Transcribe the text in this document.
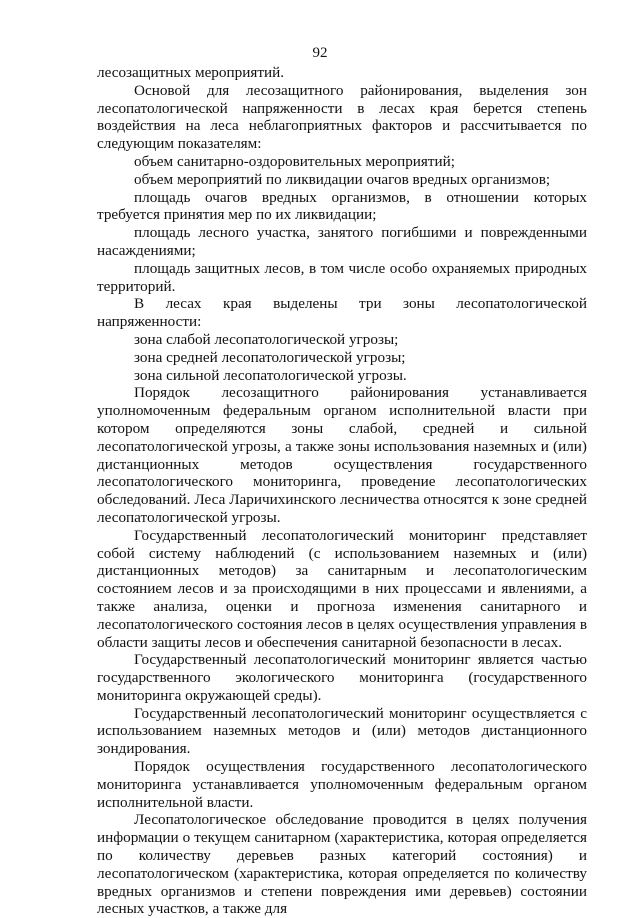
92

лесозащитных мероприятий.

Основой для лесозащитного районирования, выделения зон лесопатологической напряженности в лесах края берется степень воздействия на леса неблагоприятных факторов и рассчитывается по следующим показателям:

объем санитарно-оздоровительных мероприятий;

объем мероприятий по ликвидации очагов вредных организмов;

площадь очагов вредных организмов, в отношении которых требуется принятия мер по их ликвидации;

площадь лесного участка, занятого погибшими и поврежденными насаждениями;

площадь защитных лесов, в том числе особо охраняемых природных территорий.

В лесах края выделены три зоны лесопатологической напряженности:

зона слабой лесопатологической угрозы;

зона средней лесопатологической угрозы;

зона сильной лесопатологической угрозы.

Порядок лесозащитного районирования устанавливается уполномоченным федеральным органом исполнительной власти при котором определяются зоны слабой, средней и сильной лесопатологической угрозы, а также зоны использования наземных и (или) дистанционных методов осуществления государственного лесопатологического мониторинга, проведение лесопатологических обследований. Леса Ларичихинского лесничества относятся к зоне средней лесопатологической угрозы.

Государственный лесопатологический мониторинг представляет собой систему наблюдений (с использованием наземных и (или) дистанционных методов) за санитарным и лесопатологическим состоянием лесов и за происходящими в них процессами и явлениями, а также анализа, оценки и прогноза изменения санитарного и лесопатологического состояния лесов в целях осуществления управления в области защиты лесов и обеспечения санитарной безопасности в лесах.

Государственный лесопатологический мониторинг является частью государственного экологического мониторинга (государственного мониторинга окружающей среды).

Государственный лесопатологический мониторинг осуществляется с использованием наземных методов и (или) методов дистанционного зондирования.

Порядок осуществления государственного лесопатологического мониторинга устанавливается уполномоченным федеральным органом исполнительной власти.

Лесопатологическое обследование проводится в целях получения информации о текущем санитарном (характеристика, которая определяется по количеству деревьев разных категорий состояния) и лесопатологическом (характеристика, которая определяется по количеству вредных организмов и степени повреждения ими деревьев) состоянии лесных участков, а также для
